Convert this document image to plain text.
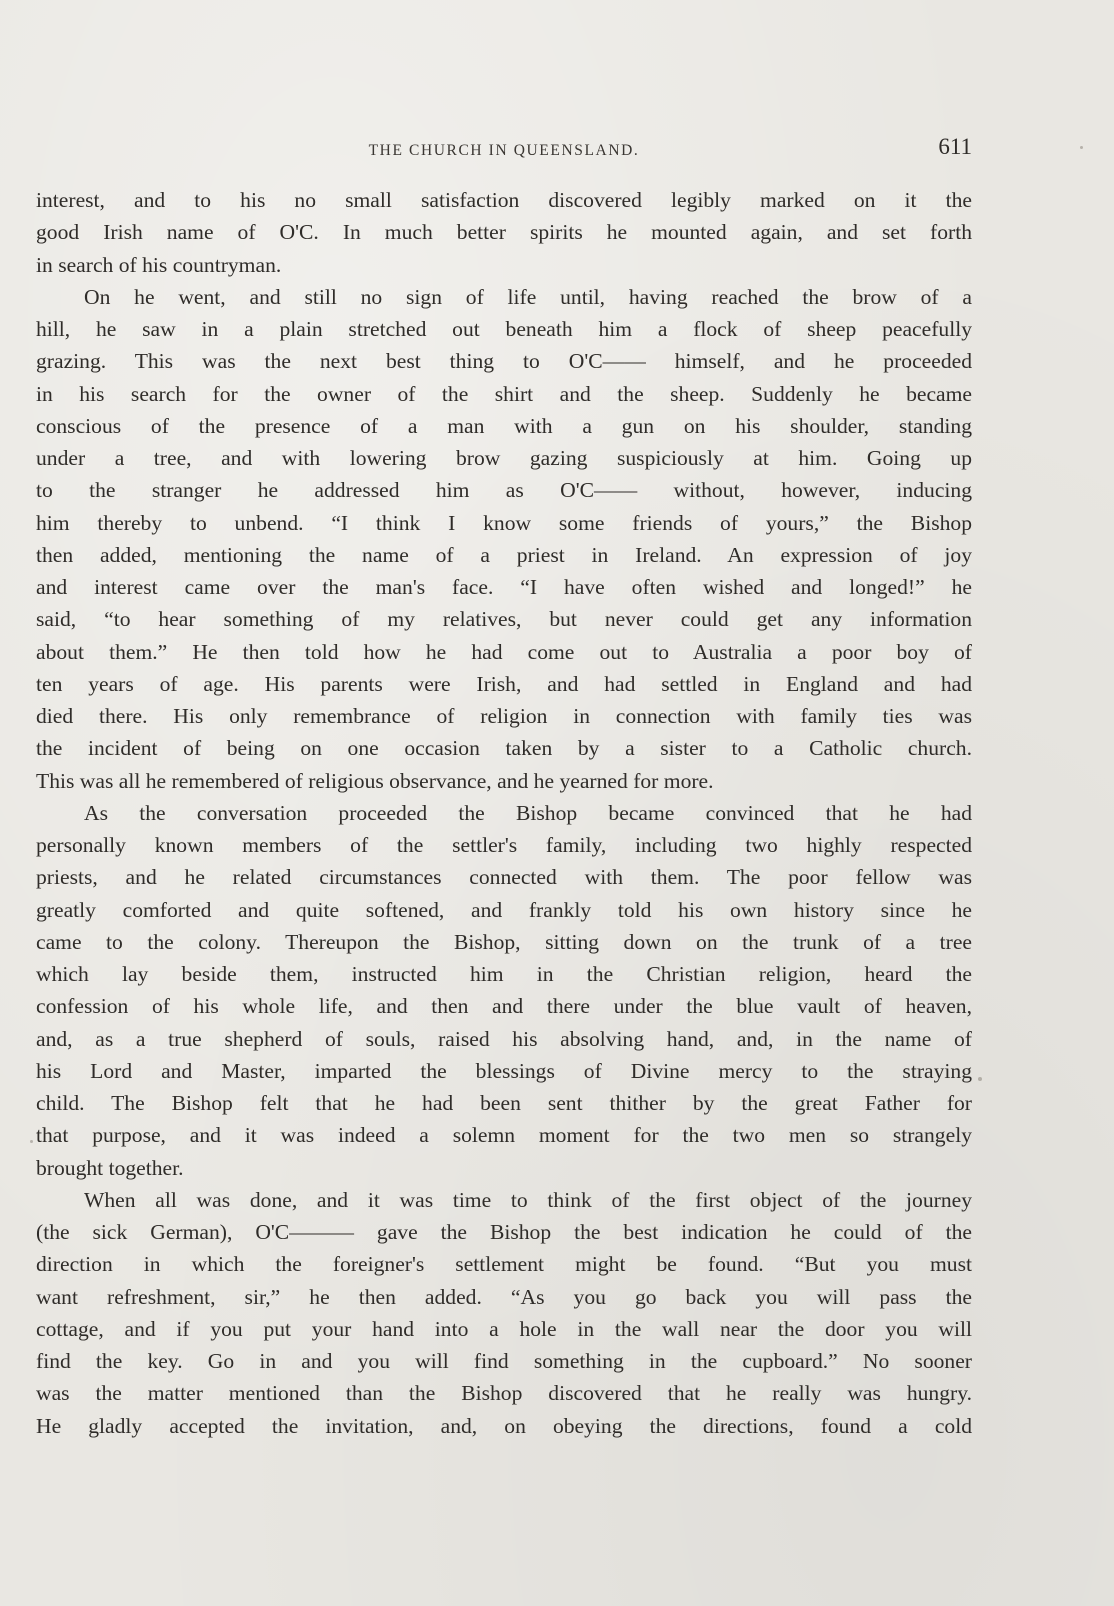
THE CHURCH IN QUEENSLAND.	611
interest, and to his no small satisfaction discovered legibly marked on it the
good Irish name of O'C. In much better spirits he mounted again, and set forth
in search of his countryman.
On he went, and still no sign of life until, having reached the brow of a
hill, he saw in a plain stretched out beneath him a flock of sheep peacefully
grazing. This was the next best thing to O'C—— himself, and he proceeded
in his search for the owner of the shirt and the sheep. Suddenly he became
conscious of the presence of a man with a gun on his shoulder, standing
under a tree, and with lowering brow gazing suspiciously at him. Going up
to the stranger he addressed him as O'C—— without, however, inducing
him thereby to unbend. “I think I know some friends of yours,” the Bishop
then added, mentioning the name of a priest in Ireland. An expression of joy
and interest came over the man's face. “I have often wished and longed!” he
said, “to hear something of my relatives, but never could get any information
about them.” He then told how he had come out to Australia a poor boy of
ten years of age. His parents were Irish, and had settled in England and had
died there. His only remembrance of religion in connection with family ties was
the incident of being on one occasion taken by a sister to a Catholic church.
This was all he remembered of religious observance, and he yearned for more.
As the conversation proceeded the Bishop became convinced that he had
personally known members of the settler's family, including two highly respected
priests, and he related circumstances connected with them. The poor fellow was
greatly comforted and quite softened, and frankly told his own history since he
came to the colony. Thereupon the Bishop, sitting down on the trunk of a tree
which lay beside them, instructed him in the Christian religion, heard the
confession of his whole life, and then and there under the blue vault of heaven,
and, as a true shepherd of souls, raised his absolving hand, and, in the name of
his Lord and Master, imparted the blessings of Divine mercy to the straying
child. The Bishop felt that he had been sent thither by the great Father for
that purpose, and it was indeed a solemn moment for the two men so strangely
brought together.
When all was done, and it was time to think of the first object of the journey
(the sick German), O'C——— gave the Bishop the best indication he could of the
direction in which the foreigner's settlement might be found. “But you must
want refreshment, sir,” he then added. “As you go back you will pass the
cottage, and if you put your hand into a hole in the wall near the door you will
find the key. Go in and you will find something in the cupboard.” No sooner
was the matter mentioned than the Bishop discovered that he really was hungry.
He gladly accepted the invitation, and, on obeying the directions, found a cold
